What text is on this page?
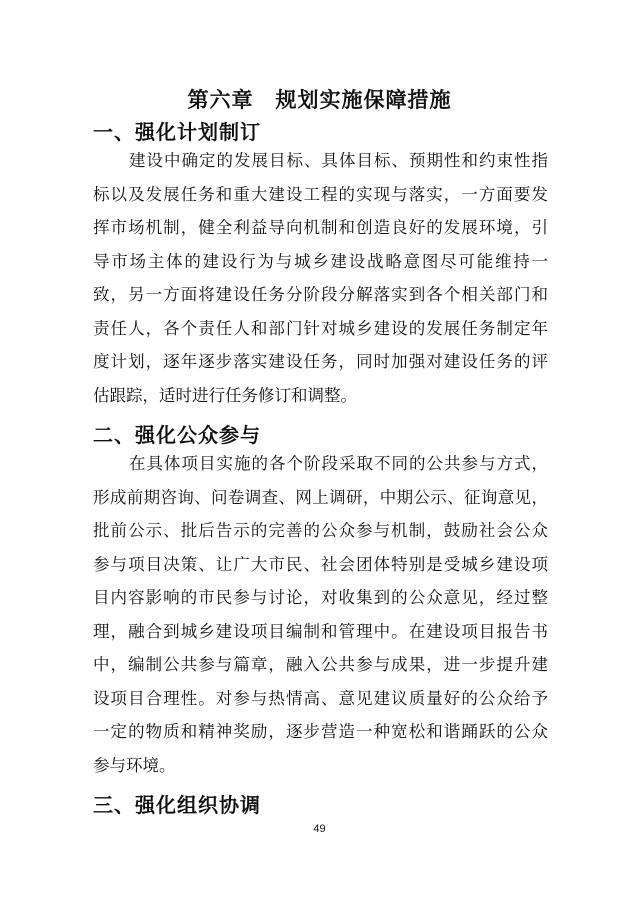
第六章　规划实施保障措施
一、强化计划制订
建设中确定的发展目标、具体目标、预期性和约束性指
标以及发展任务和重大建设工程的实现与落实，一方面要发
挥市场机制，健全利益导向机制和创造良好的发展环境，引
导市场主体的建设行为与城乡建设战略意图尽可能维持一
致，另一方面将建设任务分阶段分解落实到各个相关部门和
责任人，各个责任人和部门针对城乡建设的发展任务制定年
度计划，逐年逐步落实建设任务，同时加强对建设任务的评
估跟踪，适时进行任务修订和调整。
二、强化公众参与
在具体项目实施的各个阶段采取不同的公共参与方式，
形成前期咨询、问卷调查、网上调研，中期公示、征询意见，
批前公示、批后告示的完善的公众参与机制，鼓励社会公众
参与项目决策、让广大市民、社会团体特别是受城乡建设项
目内容影响的市民参与讨论，对收集到的公众意见，经过整
理，融合到城乡建设项目编制和管理中。在建设项目报告书
中，编制公共参与篇章，融入公共参与成果，进一步提升建
设项目合理性。对参与热情高、意见建议质量好的公众给予
一定的物质和精神奖励，逐步营造一种宽松和谐踊跃的公众
参与环境。
三、强化组织协调
49
